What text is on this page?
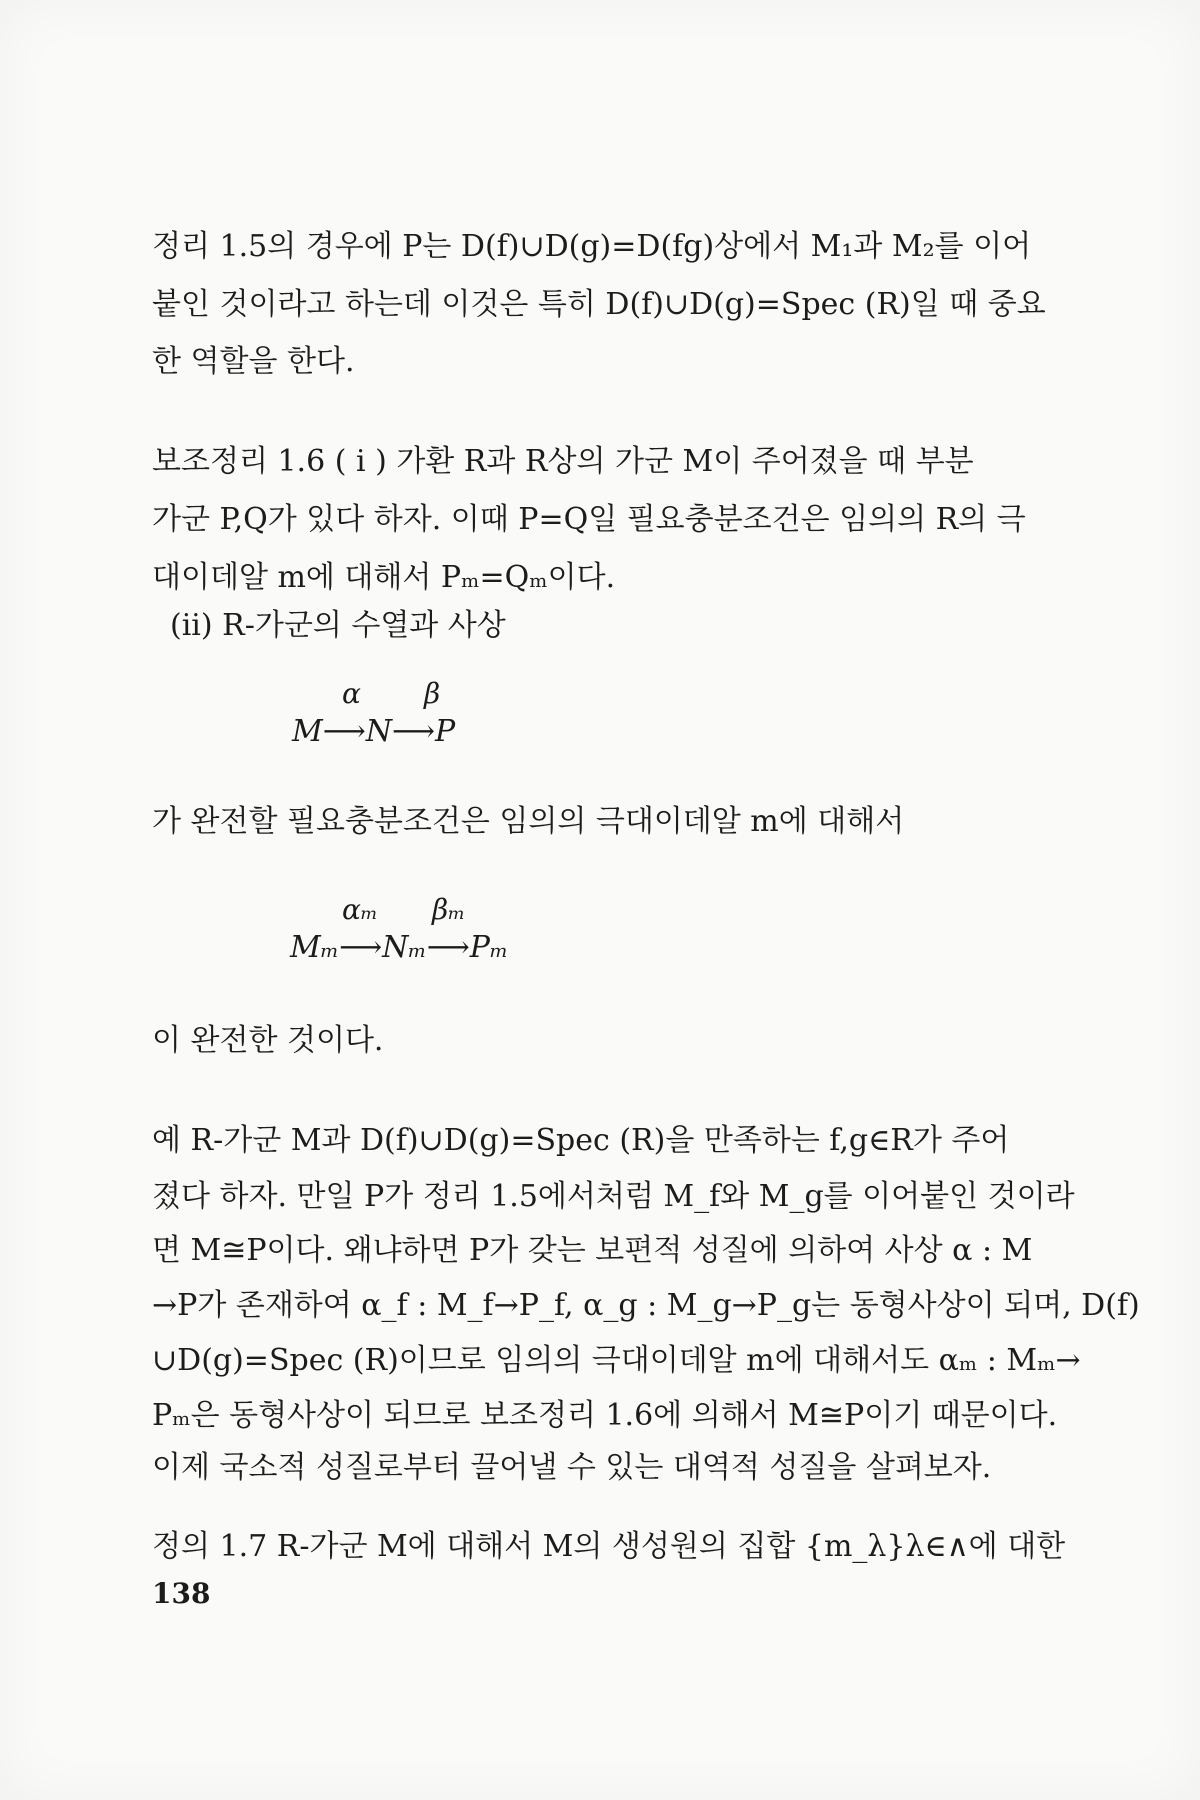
정리 1.5의 경우에 P는 D(f)∪D(g)=D(fg)상에서 M₁과 M₂를 이어
붙인 것이라고 하는데 이것은 특히 D(f)∪D(g)=Spec (R)일 때 중요
한 역할을 한다.
보조정리 1.6 ( i ) 가환 R과 R상의 가군 M이 주어졌을 때 부분
가군 P,Q가 있다 하자. 이때 P=Q일 필요충분조건은 임의의 R의 극
대이데알 m에 대해서 Pₘ=Qₘ이다.
(ii) R-가군의 수열과 사상
α β
M⟶N⟶P
가 완전할 필요충분조건은 임의의 극대이데알 m에 대해서
αₘ βₘ
Mₘ⟶Nₘ⟶Pₘ
이 완전한 것이다.
예 R-가군 M과 D(f)∪D(g)=Spec (R)을 만족하는 f,g∈R가 주어
졌다 하자. 만일 P가 정리 1.5에서처럼 M_f와 M_g를 이어붙인 것이라
면 M≅P이다. 왜냐하면 P가 갖는 보편적 성질에 의하여 사상 α : M
→P가 존재하여 α_f : M_f→P_f, α_g : M_g→P_g는 동형사상이 되며, D(f)
∪D(g)=Spec (R)이므로 임의의 극대이데알 m에 대해서도 αₘ : Mₘ→
Pₘ은 동형사상이 되므로 보조정리 1.6에 의해서 M≅P이기 때문이다.
이제 국소적 성질로부터 끌어낼 수 있는 대역적 성질을 살펴보자.
정의 1.7 R-가군 M에 대해서 M의 생성원의 집합 {m_λ}λ∈∧에 대한
138
